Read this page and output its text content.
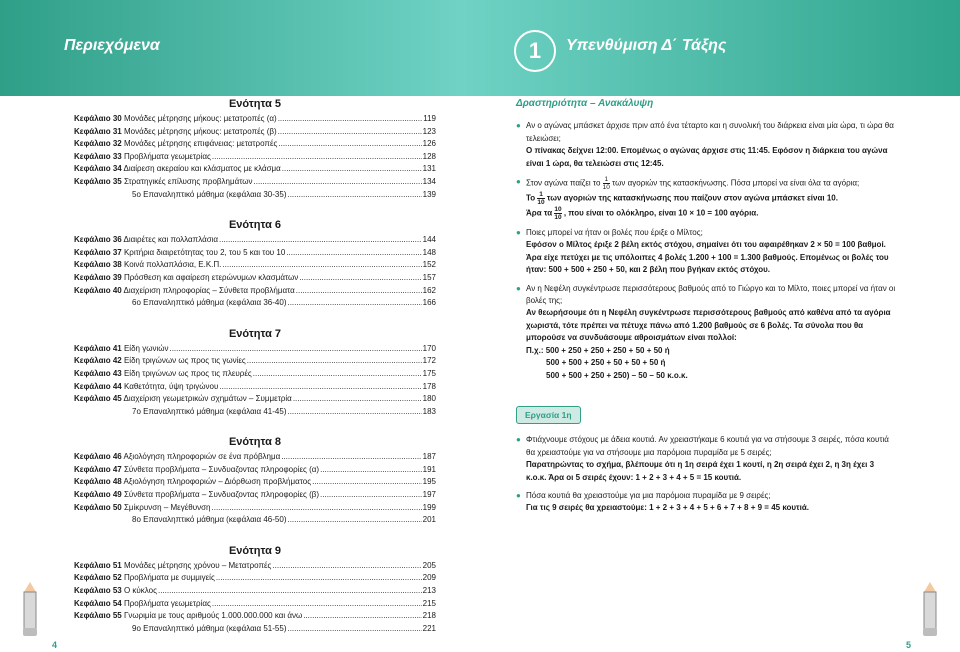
Περιεχόμενα	1	Υπενθύμιση Δ΄ Τάξης
Ενότητα 5
Κεφάλαιο 30 Μονάδες μέτρησης μήκους: μετατροπές (α) .....	119
Κεφάλαιο 31 Μονάδες μέτρησης μήκους: μετατροπές (β) .....	123
Κεφάλαιο 32 Μονάδες μέτρησης επιφάνειας: μετατροπές .....	126
Κεφάλαιο 33 Προβλήματα γεωμετρίας .....	128
Κεφάλαιο 34 Διαίρεση ακεραίου και κλάσματος με κλάσμα .....	131
Κεφάλαιο 35 Στρατηγικές επίλυσης προβλημάτων .....	134
5ο Επαναληπτικό μάθημα (κεφάλαια 30-35) .....	139
Ενότητα 6
Κεφάλαιο 36 Διαιρέτες και πολλαπλάσια .....	144
Κεφάλαιο 37 Κριτήρια διαιρετότητας του 2, του 5 και του 10 .....	148
Κεφάλαιο 38 Κοινά πολλαπλάσια, Ε.Κ.Π. .....	152
Κεφάλαιο 39 Πρόσθεση και αφαίρεση ετερώνυμων κλασμάτων .....	157
Κεφάλαιο 40 Διαχείριση πληροφορίας – Σύνθετα προβλήματα .....	162
6ο Επαναληπτικό μάθημα (κεφάλαια 36-40) .....	166
Ενότητα 7
Κεφάλαιο 41 Είδη γωνιών .....	170
Κεφάλαιο 42 Είδη τριγώνων ως προς τις γωνίες .....	172
Κεφάλαιο 43 Είδη τριγώνων ως προς τις πλευρές .....	175
Κεφάλαιο 44 Καθετότητα, ύψη τριγώνου .....	178
Κεφάλαιο 45 Διαχείριση γεωμετρικών σχημάτων – Συμμετρία .....	180
7ο Επαναληπτικό μάθημα (κεφάλαια 41-45) .....	183
Ενότητα 8
Κεφάλαιο 46 Αξιολόγηση πληροφοριών σε ένα πρόβλημα .....	187
Κεφάλαιο 47 Σύνθετα προβλήματα – Συνδυαζοντας πληροφορίες (α) .....	191
Κεφάλαιο 48 Αξιολόγηση πληροφοριών – Διόρθωση προβλήματος .....	195
Κεφάλαιο 49 Σύνθετα προβλήματα – Συνδυαζοντας πληροφορίες (β) .....	197
Κεφάλαιο 50 Σμίκρυνση – Μεγέθυνση .....	199
8ο Επαναληπτικό μάθημα (κεφάλαια 46-50) .....	201
Ενότητα 9
Κεφάλαιο 51 Μονάδες μέτρησης χρόνου – Μετατροπές .....	205
Κεφάλαιο 52 Προβλήματα με συμμιγείς .....	209
Κεφάλαιο 53 Ο κύκλος .....	213
Κεφάλαιο 54 Προβλήματα γεωμετρίας .....	215
Κεφάλαιο 55 Γνωριμία με τους αριθμούς 1.000.000.000 και άνω .....	218
9ο Επαναληπτικό μάθημα (κεφάλαια 51-55) .....	221
Δραστηριότητα – Ανακάλυψη
● Αν ο αγώνας μπάσκετ άρχισε πριν από ένα τέταρτο και η συνολική του διάρκεια είναι μία ώρα, τι ώρα θα τελειώσει;
Ο πίνακας δείχνει 12:00. Επομένως ο αγώνας άρχισε στις 11:45. Εφόσον η διάρκεια του αγώνα είναι 1 ώρα, θα τελειώσει στις 12:45.
● Στον αγώνα παίζει το $\frac{1}{10}$ των αγοριών της κατασκήνωσης. Πόσα μπορεί να είναι όλα τα αγόρια;
Το $\frac{1}{10}$ των αγοριών της κατασκήνωσης που παίζουν στον αγώνα μπάσκετ είναι 10.
Άρα τα $\frac{10}{10}$ , που είναι το ολόκληρο, είναι 10 × 10 = 100 αγόρια.
● Ποιες μπορεί να ήταν οι βολές που έριξε ο Μίλτος;
Εφόσον ο Μίλτος έριξε 2 βέλη εκτός στόχου, σημαίνει ότι του αφαιρέθηκαν 2 × 50 = 100 βαθμοί. Άρα είχε πετύχει με τις υπόλοιπες 4 βολές 1.200 + 100 = 1.300 βαθμούς. Επομένως οι βολές του ήταν: 500 + 500 + 250 + 50, και 2 βέλη που βγήκαν εκτός στόχου.
● Αν η Νεφέλη συγκέντρωσε περισσότερους βαθμούς από το Γιώργο και το Μίλτο, ποιες μπορεί να ήταν οι βολές της;
Αν θεωρήσουμε ότι η Νεφέλη συγκέντρωσε περισσότερους βαθμούς από καθένα από τα αγόρια χωριστά, τότε πρέπει να πέτυχε πάνω από 1.200 βαθμούς σε 6 βολές. Τα σύνολα που θα μπορούσε να συνδυάσουμε αθροισμάτων είναι πολλοί:
Π.χ.: 500 + 250 + 250 + 250 + 50 + 50 ή
500 + 500 + 250 + 50 + 50 + 50 ή
500 + 500 + 250 + 250) – 50 – 50 κ.ο.κ.
Εργασία 1η
● Φτιάχνουμε στόχους με άδεια κουτιά. Αν χρειαστήκαμε 6 κουτιά για να στήσουμε 3 σειρές, πόσα κουτιά θα χρειαστούμε για να στήσουμε μια παρόμοια πυραμίδα με 5 σειρές;
Παρατηρώντας το σχήμα, βλέπουμε ότι η 1η σειρά έχει 1 κουτί, η 2η σειρά έχει 2, η 3η έχει 3 κ.ο.κ. Άρα οι 5 σειρές έχουν: 1 + 2 + 3 + 4 + 5 = 15 κουτιά.
● Πόσα κουτιά θα χρειαστούμε για μια παρόμοια πυραμίδα με 9 σειρές;
Για τις 9 σειρές θα χρειαστούμε: 1 + 2 + 3 + 4 + 5 + 6 + 7 + 8 + 9 = 45 κουτιά.
4	5
